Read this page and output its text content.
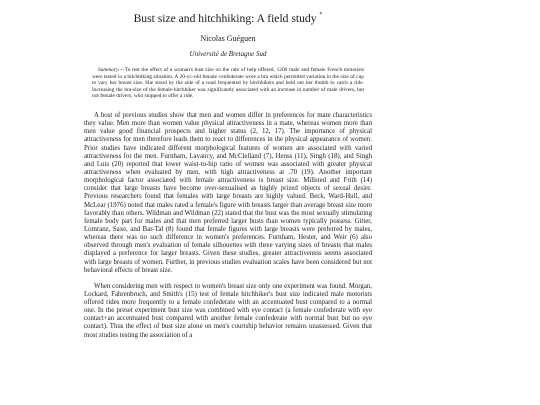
Bust size and hitchhiking: A field study *
Nicolas Guéguen
Université de Bretagne Sud

Summary.—To test the effect of a woman's bust size on the rate of help offered, 1200 male and female French motorists were tested in a hitchhiking situation. A 20-yr.-old female confederate wore a bra which permitted variation in the size of cup to vary her breast size. She stood by the side of a road frequented by hitchhikers and held out her thumb to catch a ride. Increasing the bra-size of the female-hitchhiker was significantly associated with an increase in number of male drivers, but not female drivers, who stopped to offer a ride.

A host of previous studies show that men and women differ in preferences for mate characteristics they value. Men more than women value physical attractiveness in a mate, whereas women more than men value good financial prospects and higher status (2, 12, 17). The importance of physical attractiveness for men therefore leads them to react to differences in the physical appearance of women. Prior studies have indicated different morphological features of women are associated with varied attractiveness for the men. Furnham, Lavancy, and McClelland (7), Henss (11), Singh (18), and Singh and Luis (20) reported that lower waist-to-hip ratio of women was associated with greater physical attractiveness when evaluated by men, with high attractiveness at .70 (19). Another important morphological factor associated with female attractiveness is breast size. Millsted and Frith (14) consider that large breasts have become over-sexualised as highly prized objects of sexual desire. Previous researchers found that females with large breasts are highly valued. Beck, Ward-Hull, and McLear (1976) noted that males rated a female's figure with breasts larger than average breast size more favorably than others. Wildman and Wildman (22) stated that the bust was the most sexually stimulating female body part for males and that men preferred larger busts than women typically possess. Gitter, Lomranz, Saxe, and Bar-Tal (8) found that female figures with large breasts were preferred by males, whereas there was no such difference in women's preferences. Furnham, Hester, and Weir (6) also observed through men's evaluation of female silhouettes with three varying sizes of breasts that males displayed a preference for larger breasts. Given these studies, greater attractiveness seems associated with large breasts of women. Further, in previous studies evaluation scales have been considered but not behavioral effects of breast size.

When considering men with respect to women's breast size only one experiment was found. Morgan, Lockard, Fahrenbruch, and Smith's (15) test of female hitchhiker's bust size indicated male motorists offered rides more frequently to a female confederate with an accentuated bust compared to a normal one. In the preset experiment bust size was combined with eye contact (a female confederate with eye contact+an accentuated bust compared with another female confederate with normal bust but no eye contact). Thus the effect of bust size alone on men's courtship behavior remains unassessed. Given that most studies testing the association of a
